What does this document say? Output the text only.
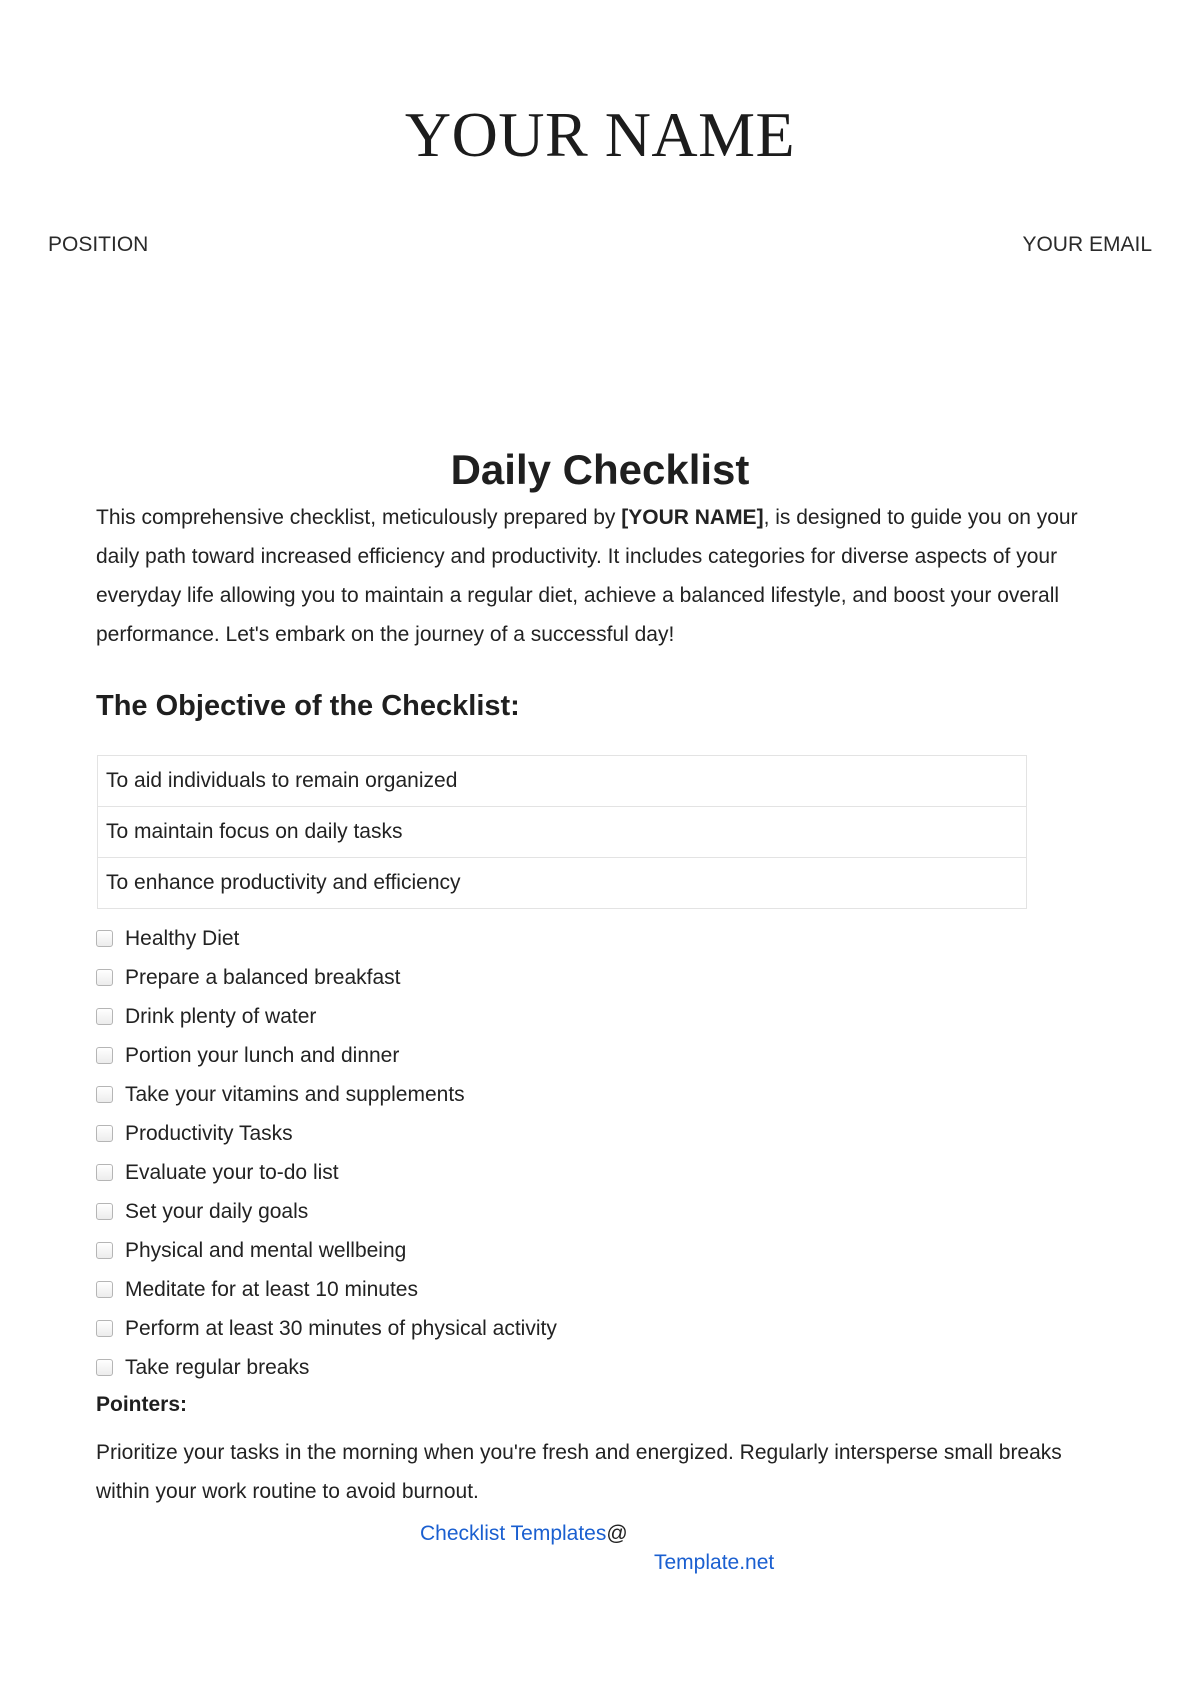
YOUR NAME
POSITION	YOUR EMAIL
Daily Checklist

This comprehensive checklist, meticulously prepared by [YOUR NAME], is designed to guide you on your daily path toward increased efficiency and productivity. It includes categories for diverse aspects of your everyday life allowing you to maintain a regular diet, achieve a balanced lifestyle, and boost your overall performance. Let's embark on the journey of a successful day!

The Objective of the Checklist:
To aid individuals to remain organized
To maintain focus on daily tasks
To enhance productivity and efficiency
Healthy Diet
Prepare a balanced breakfast
Drink plenty of water
Portion your lunch and dinner
Take your vitamins and supplements
Productivity Tasks
Evaluate your to-do list
Set your daily goals
Physical and mental wellbeing
Meditate for at least 10 minutes
Perform at least 30 minutes of physical activity
Take regular breaks
Pointers:

Prioritize your tasks in the morning when you're fresh and energized. Regularly intersperse small breaks within your work routine to avoid burnout.

Checklist Templates@
Template.net
